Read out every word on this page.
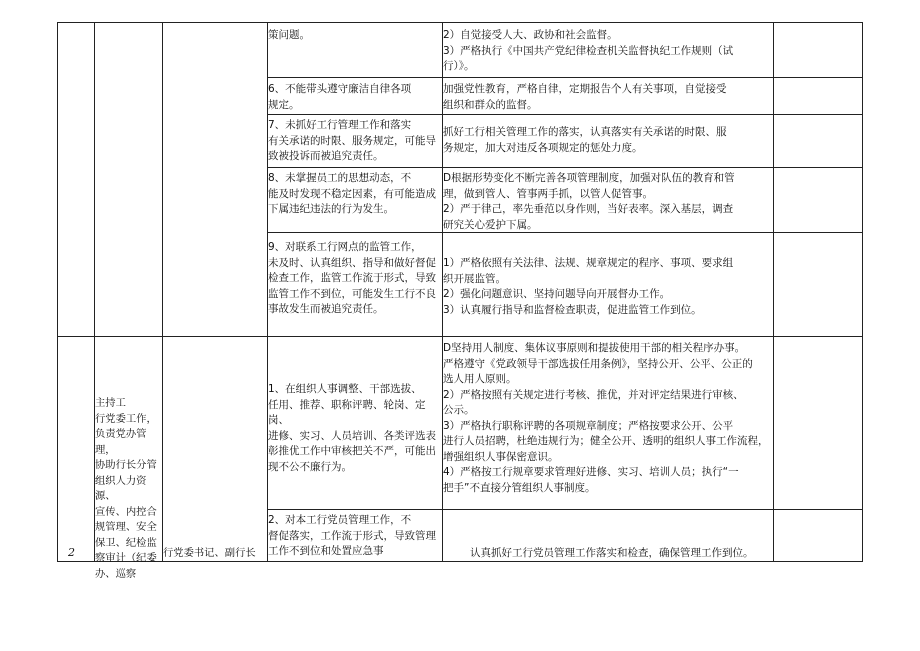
策问题。	2）自觉接受人大、政协和社会监督。
3）严格执行《中国共产党纪律检查机关监督执纪工作规则（试
行）》。

6、不能带头遵守廉洁自律各项
规定。

加强党性教育，严格自律，定期报告个人有关事项，自觉接受
组织和群众的监督。

7、未抓好工行管理工作和落实
有关承诺的时限、服务规定，可能导
致被投诉而被追究责任。

抓好工行相关管理工作的落实，认真落实有关承诺的时限、服
务规定，加大对违反各项规定的惩处力度。

8、未掌握员工的思想动态，不
能及时发现不稳定因素，有可能造成
下属违纪违法的行为发生。

D根据形势变化不断完善各项管理制度，加强对队伍的教育和管
理，做到管人、管事两手抓，以管人促管事。
2）严于律己，率先垂范以身作则，当好表率。深入基层，调查
研究关心爱护下属。

9、对联系工行网点的监管工作，
未及时、认真组织、指导和做好督促
检查工作，监管工作流于形式，导致
监管工作不到位，可能发生工行不良
事故发生而被追究责任。

1）严格依照有关法律、法规、规章规定的程序、事项、要求组
织开展监管。
2）强化问题意识、坚持问题导向开展督办工作。
3）认真履行指导和监督检查职责，促进监管工作到位。

2

主持工
行党委工作，
负责党办管理，
协助行长分管
组织人力资源、
宣传、内控合
规管理、安全
保卫、纪检监
察审计（纪委
办、巡察

行党委书记、副行长

1、在组织人事调整、干部选拔、
任用、推荐、职称评聘、轮岗、定岗、
进修、实习、人员培训、各类评选表
彰推优工作中审核把关不严，可能出
现不公不廉行为。

D坚持用人制度、集体议事原则和提拔使用干部的相关程序办事。
严格遵守《党政领导干部选拔任用条例》，坚持公开、公平、公正的
选人用人原则。
2）严格按照有关规定进行考核、推优，并对评定结果进行审核、
公示。
3）严格执行职称评聘的各项规章制度；严格按要求公开、公平
进行人员招聘，杜绝违规行为；健全公开、透明的组织人事工作流程，
增强组织人事保密意识。
4）严格按工行规章要求管理好进修、实习、培训人员；执行“一
把手”不直接分管组织人事制度。

2、对本工行党员管理工作，不
督促落实，工作流于形式，导致管理
工作不到位和处置应急事	认真抓好工行党员管理工作落实和检查，确保管理工作到位。
